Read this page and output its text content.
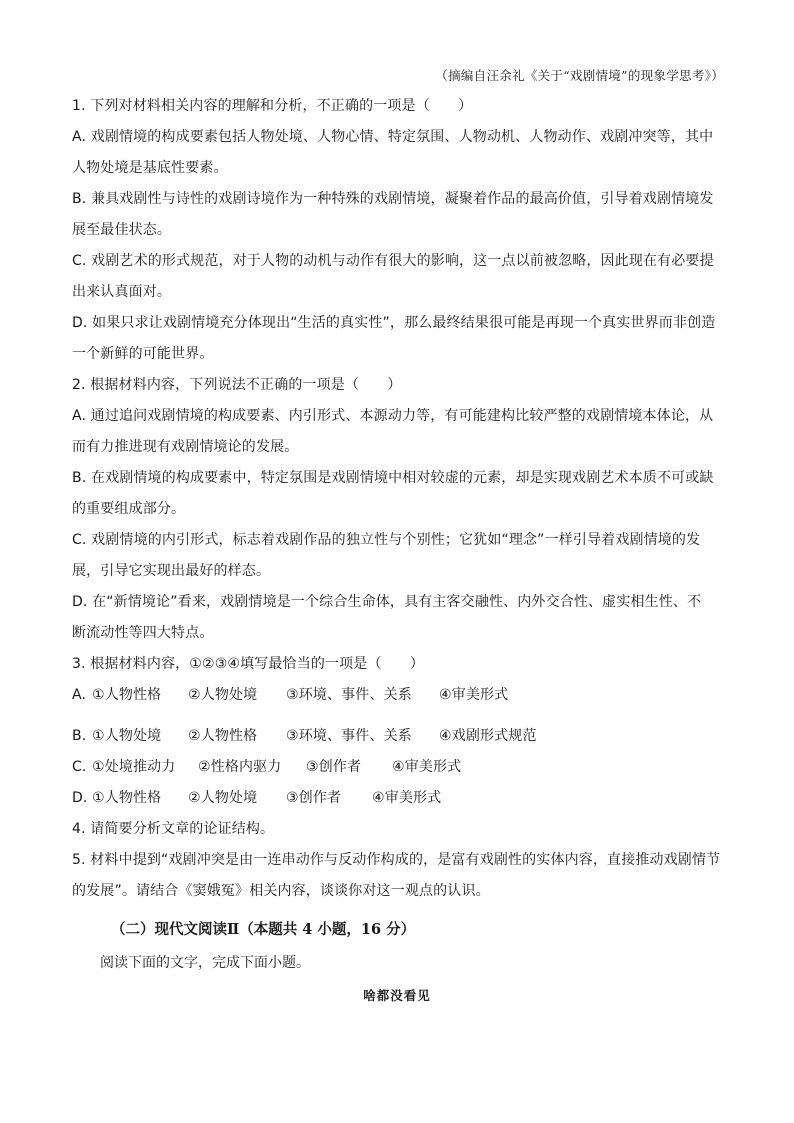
（摘编自汪余礼《关于“戏剧情境”的现象学思考》）
1. 下列对材料相关内容的理解和分析，不正确的一项是（　　）
A. 戏剧情境的构成要素包括人物处境、人物心情、特定氛围、人物动机、人物动作、戏剧冲突等，其中
人物处境是基底性要素。
B. 兼具戏剧性与诗性的戏剧诗境作为一种特殊的戏剧情境，凝聚着作品的最高价值，引导着戏剧情境发
展至最佳状态。
C. 戏剧艺术的形式规范，对于人物的动机与动作有很大的影响，这一点以前被忽略，因此现在有必要提
出来认真面对。
D. 如果只求让戏剧情境充分体现出“生活的真实性”，那么最终结果很可能是再现一个真实世界而非创造
一个新鲜的可能世界。
2. 根据材料内容，下列说法不正确的一项是（　　）
A. 通过追问戏剧情境的构成要素、内引形式、本源动力等，有可能建构比较严整的戏剧情境本体论，从
而有力推进现有戏剧情境论的发展。
B. 在戏剧情境的构成要素中，特定氛围是戏剧情境中相对较虚的元素，却是实现戏剧艺术本质不可或缺
的重要组成部分。
C. 戏剧情境的内引形式，标志着戏剧作品的独立性与个别性；它犹如“理念”一样引导着戏剧情境的发
展，引导它实现出最好的样态。
D. 在“新情境论”看来，戏剧情境是一个综合生命体，具有主客交融性、内外交合性、虚实相生性、不
断流动性等四大特点。
3. 根据材料内容，①②③④填写最恰当的一项是（　　）
A. ①人物性格	②人物处境	③环境、事件、关系	④审美形式
B. ①人物处境	②人物性格	③环境、事件、关系	④戏剧形式规范
C. ①处境推动力	②性格内驱力	③创作者	④审美形式
D. ①人物性格	②人物处境	③创作者	④审美形式
4. 请简要分析文章的论证结构。
5. 材料中提到“戏剧冲突是由一连串动作与反动作构成的，是富有戏剧性的实体内容，直接推动戏剧情节
的发展”。请结合《窦娥冤》相关内容，谈谈你对这一观点的认识。
（二）现代文阅读Ⅱ（本题共 4 小题，16 分）
阅读下面的文字，完成下面小题。
啥都没看见
